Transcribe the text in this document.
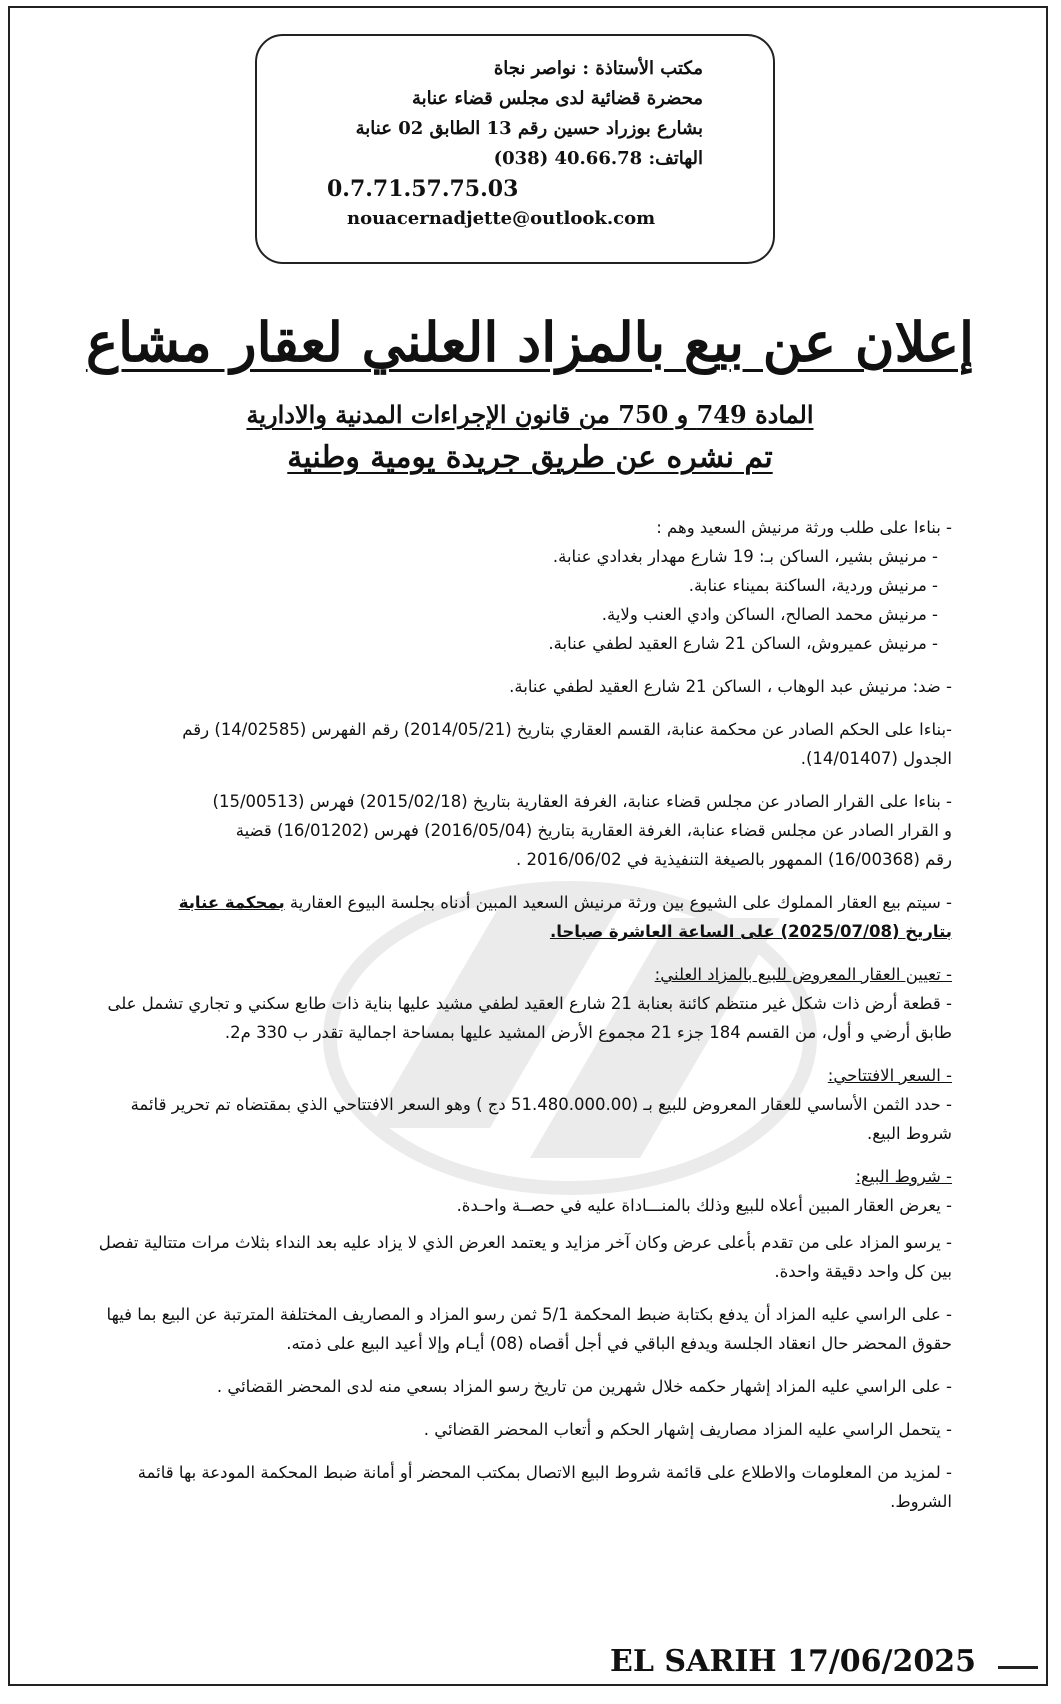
مكتب الأستاذة : نواصر نجاة
محضرة قضائية لدى مجلس قضاء عنابة
بشارع بوزراد حسين رقم 13 الطابق 02 عنابة
الهاتف: 40.66.78 (038)
0.7.71.57.75.03
nouacernadjette@outlook.com
إعلان عن بيع بالمزاد العلني لعقار مشاع
المادة 749 و 750 من قانون الإجراءات المدنية والادارية
تم نشره عن طريق جريدة يومية وطنية

- بناءا على طلب ورثة مرنيش السعيد وهم :
- مرنيش بشير، الساكن بـ: 19 شارع مهدار بغدادي عنابة.
- مرنيش وردية، الساكنة بميناء عنابة.
- مرنيش محمد الصالح، الساكن وادي العنب ولاية.
- مرنيش عميروش، الساكن 21 شارع العقيد لطفي عنابة.

- ضد: مرنيش عبد الوهاب ، الساكن 21 شارع العقيد لطفي عنابة.

-بناءا على الحكم الصادر عن محكمة عنابة، القسم العقاري بتاريخ (2014/05/21) رقم الفهرس (14/02585) رقم
الجدول (14/01407).

- بناءا على القرار الصادر عن مجلس قضاء عنابة، الغرفة العقارية بتاريخ (2015/02/18) فهرس (15/00513)
و القرار الصادر عن مجلس قضاء عنابة، الغرفة العقارية بتاريخ (2016/05/04) فهرس (16/01202) قضية
رقم (16/00368) الممهور بالصيغة التنفيذية في 2016/06/02 .

- سيتم بيع العقار المملوك على الشيوع بين ورثة مرنيش السعيد المبين أدناه بجلسة البيوع العقارية بمحكمة عنابة
بتاريخ (2025/07/08) على الساعة العاشرة صباحا.

- تعيين العقار المعروض للبيع بالمزاد العلني:
- قطعة أرض ذات شكل غير منتظم كائنة بعنابة 21 شارع العقيد لطفي مشيد عليها بناية ذات طابع سكني و تجاري تشمل على طابق أرضي و أول، من القسم 184 جزء 21 مجموع الأرض المشيد عليها بمساحة اجمالية تقدر ب 330 م2.

- السعر الافتتاحي:
- حدد الثمن الأساسي للعقار المعروض للبيع بـ (51.480.000.00 دج ) وهو السعر الافتتاحي الذي بمقتضاه تم تحرير قائمة شروط البيع.

- شروط البيع:
- يعرض العقار المبين أعلاه للبيع وذلك بالمنـــاداة عليه في حصــة واحـدة.

- يرسو المزاد على من تقدم بأعلى عرض وكان آخر مزايد و يعتمد العرض الذي لا يزاد عليه بعد النداء بثلاث مرات متتالية تفصل بين كل واحد دقيقة واحدة.

- على الراسي عليه المزاد أن يدفع بكتابة ضبط المحكمة 5/1 ثمن رسو المزاد و المصاريف المختلفة المترتبة عن البيع بما فيها حقوق المحضر حال انعقاد الجلسة ويدفع الباقي في أجل أقصاه (08) أيـام وإلا أعيد البيع على ذمته.

- على الراسي عليه المزاد إشهار حكمه خلال شهرين من تاريخ رسو المزاد بسعي منه لدى المحضر القضائي .

- يتحمل الراسي عليه المزاد مصاريف إشهار الحكم و أتعاب المحضر القضائي .

- لمزيد من المعلومات والاطلاع على قائمة شروط البيع الاتصال بمكتب المحضر أو أمانة ضبط المحكمة المودعة بها قائمة الشروط.

EL SARIH 17/06/2025
